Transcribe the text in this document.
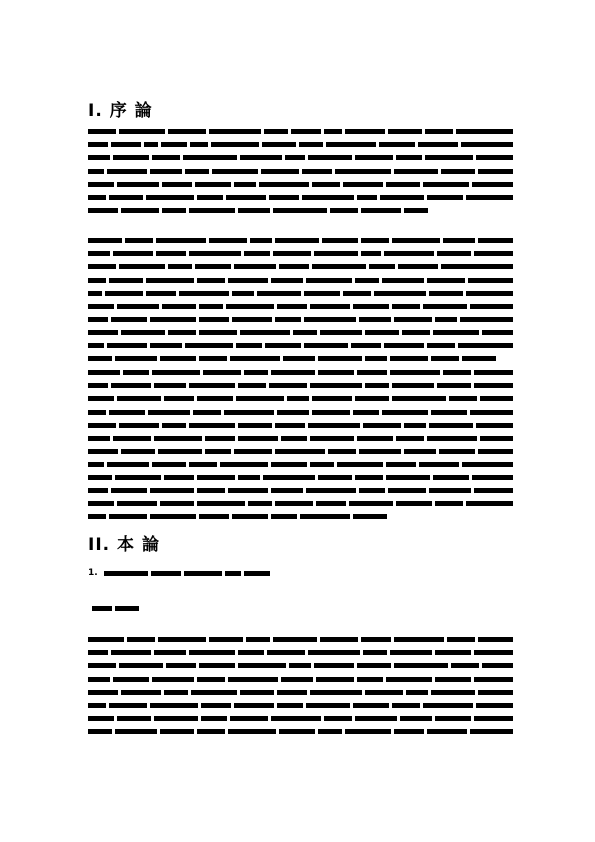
I. 序 論
II. 本 論
1.
